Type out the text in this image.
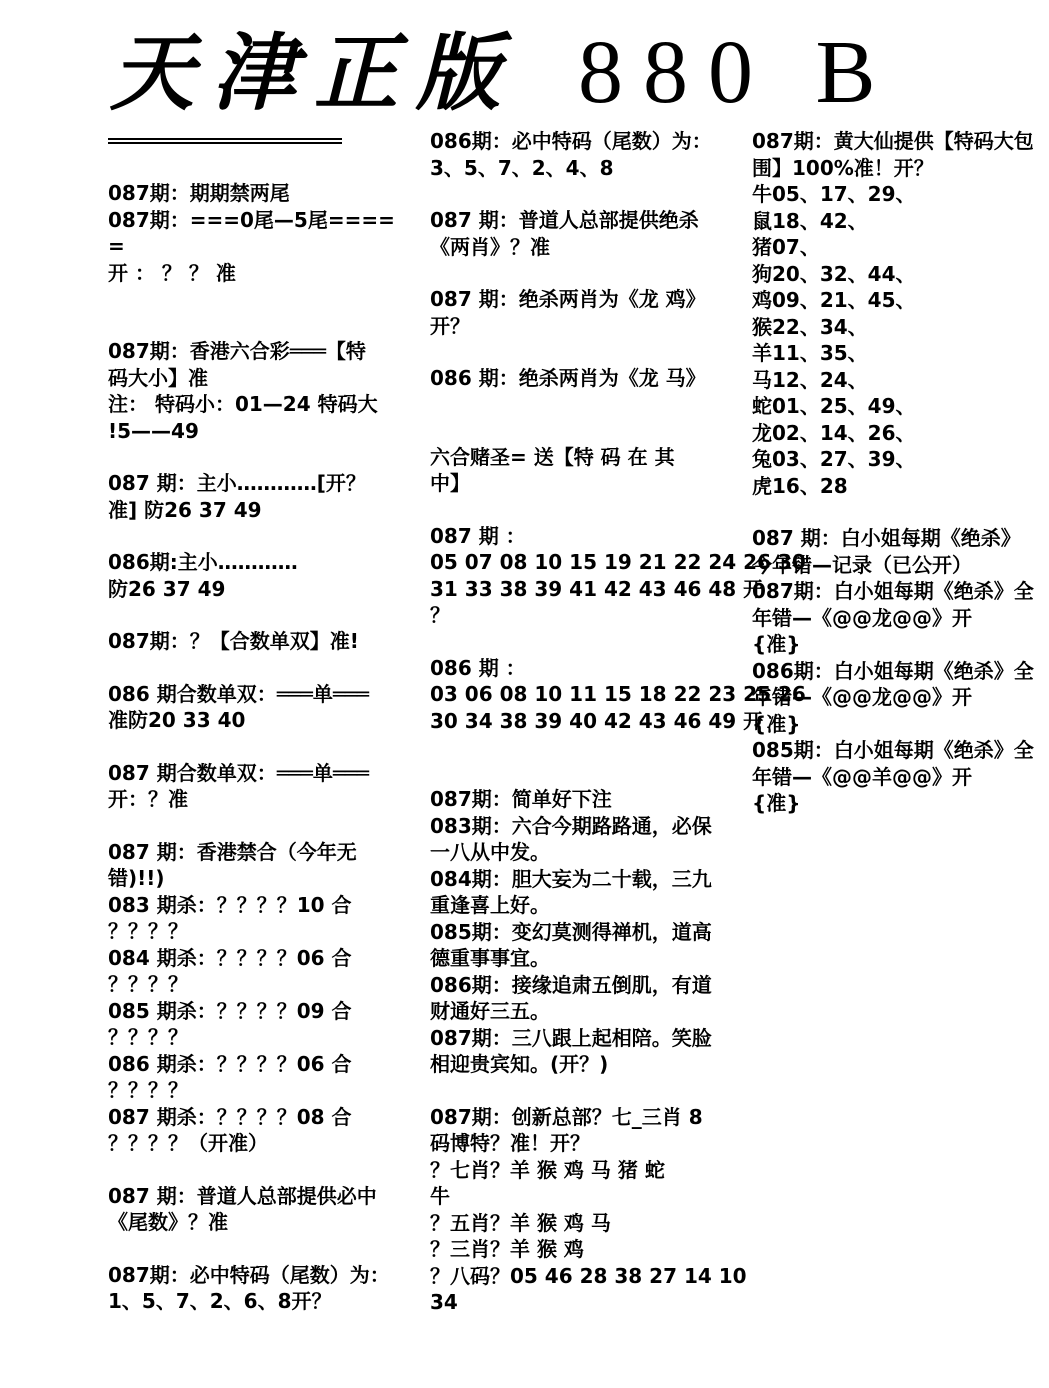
天津正版 880 B
087期：期期禁两尾
087期：===0尾—5尾====
=
开 ： ？ ？ 准
087期：香港六合彩═══【特
码大小】准
注： 特码小：01—24 特码大
!5——49
087 期：主小…………[开？
准] 防26 37 49
086期:主小…………
防26 37 49
087期：？【合数单双】准!
086 期合数单双：═══单═══
准防20 33 40
087 期合数单双：═══单═══
开：？准
087 期：香港禁合（今年无
错)!!)
083 期杀：？？？？10 合
？？？？
084 期杀：？？？？06 合
？？？？
085 期杀：？？？？09 合
？？？？
086 期杀：？？？？06 合
？？？？
087 期杀：？？？？08 合
？？？？（开准）
087 期：普道人总部提供必中
《尾数》？准
087期：必中特码（尾数）为：
1、5、7、2、6、8开？
086期：必中特码（尾数）为：
3、5、7、2、4、8
087 期：普道人总部提供绝杀
《两肖》？准
087 期：绝杀两肖为《龙 鸡》
开？
086 期：绝杀两肖为《龙 马》
六合赌圣= 送【特 码 在 其
中】
087 期 ：
05 07 08 10 15 19 21 22 24 26 30
31 33 38 39 41 42 43 46 48 开
？
086 期 ：
03 06 08 10 11 15 18 22 23 25 26
30 34 38 39 40 42 43 46 49 开
087期：简单好下注
083期：六合今期路路通，必保
一八从中发。
084期：胆大妄为二十载，三九
重逢喜上好。
085期：变幻莫测得禅机，道高
德重事事宜。
086期：接缘追肃五倒肌，有道
财通好三五。
087期：三八跟上起相陪。笑脸
相迎贵宾知。(开？)
087期：创新总部？七_三肖 8
码博特？准！开？
？七肖？羊 猴 鸡 马 猪 蛇
牛
？五肖？羊 猴 鸡 马
？三肖？羊 猴 鸡
？八码？05 46 28 38 27 14 10
34
087期：黄大仙提供【特码大包
围】100%准！开？
牛05、17、29、
鼠18、42、
猪07、
狗20、32、44、
鸡09、21、45、
猴22、34、
羊11、35、
马12、24、
蛇01、25、49、
龙02、14、26、
兔03、27、39、
虎16、28
087 期：白小姐每期《绝杀》
今年错—记录（已公开）
087期：白小姐每期《绝杀》全
年错—《@@龙@@》开
{准}
086期：白小姐每期《绝杀》全
年错—《@@龙@@》开
{准}
085期：白小姐每期《绝杀》全
年错—《@@羊@@》开
{准}
